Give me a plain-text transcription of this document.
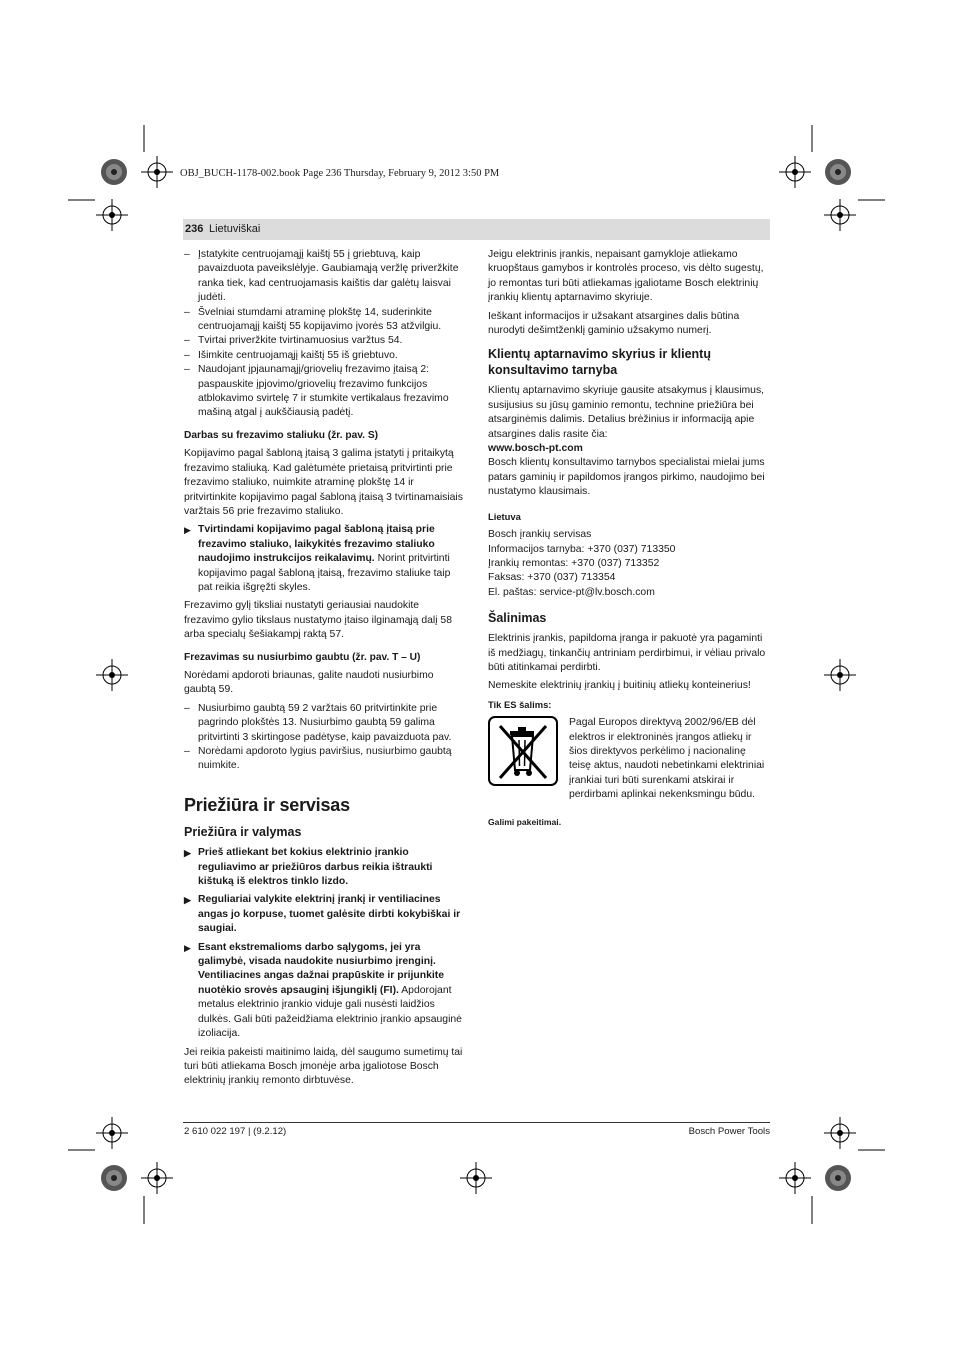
OBJ_BUCH-1178-002.book Page 236 Thursday, February 9, 2012 3:50 PM
236 Lietuviškai
– Įstatykite centruojamąjį kaištį 55 į griebtuvą, kaip pavaizduota paveikslėlyje. Gaubiamąją veržlę priveržkite ranka tiek, kad centruojamasis kaištis dar galėtų laisvai judėti.
– Švelniai stumdami atraminę plokštę 14, suderinkite centruojamąjį kaištį 55 kopijavimo įvorės 53 atžvilgiu.
– Tvirtai priveržkite tvirtinamuosius varžtus 54.
– Išimkite centruojamąjį kaištį 55 iš griebtuvo.
– Naudojant įpjaunamąjį/griovelių frezavimo įtaisą 2: paspauskite įpjovimo/griovelių frezavimo funkcijos atblokavimo svirtelę 7 ir stumkite vertikalaus frezavimo mašiną atgal į aukščiausią padėtį.
Darbas su frezavimo staliuku (žr. pav. S)

Kopijavimo pagal šabloną įtaisą 3 galima įstatyti į pritaikytą frezavimo staliuką. Kad galėtumėte prietaisą pritvirtinti prie frezavimo staliuko, nuimkite atraminę plokštę 14 ir pritvirtinkite kopijavimo pagal šabloną įtaisą 3 tvirtinamaisiais varžtais 56 prie frezavimo staliuko.

▶ Tvirtindami kopijavimo pagal šabloną įtaisą prie frezavimo staliuko, laikykitės frezavimo staliuko naudojimo instrukcijos reikalavimų. Norint pritvirtinti kopijavimo pagal šabloną įtaisą, frezavimo staliuke taip pat reikia išgręžti skyles.

Frezavimo gylį tiksliai nustatyti geriausiai naudokite frezavimo gylio tikslaus nustatymo įtaiso ilginamąją dalį 58 arba specialų šešiakampį raktą 57.

Frezavimas su nusiurbimo gaubtu (žr. pav. T – U)

Norėdami apdoroti briaunas, galite naudoti nusiurbimo gaubtą 59.

– Nusiurbimo gaubtą 59 2 varžtais 60 pritvirtinkite prie pagrindo plokštės 13. Nusiurbimo gaubtą 59 galima pritvirtinti 3 skirtingose padėtyse, kaip pavaizduota pav.
– Norėdami apdoroto lygius paviršius, nusiurbimo gaubtą nuimkite.
Priežiūra ir servisas
Priežiūra ir valymas
▶ Prieš atliekant bet kokius elektrinio įrankio reguliavimo ar priežiūros darbus reikia ištraukti kištuką iš elektros tinklo lizdo.
▶ Reguliariai valykite elektrinį įrankį ir ventiliacines angas jo korpuse, tuomet galėsite dirbti kokybiškai ir saugiai.
▶ Esant ekstremalioms darbo sąlygoms, jei yra galimybė, visada naudokite nusiurbimo įrenginį. Ventiliacines angas dažnai prapūskite ir prijunkite nuotėkio srovės apsauginį išjungiklį (FI). Apdorojant metalus elektrinio įrankio viduje gali nusėsti laidžios dulkės. Gali būti pažeidžiama elektrinio įrankio apsauginė izoliacija.

Jei reikia pakeisti maitinimo laidą, dėl saugumo sumetimų tai turi būti atliekama Bosch įmonėje arba įgaliotose Bosch elektrinių įrankių remonto dirbtuvėse.

Jeigu elektrinis įrankis, nepaisant gamykloje atliekamo kruopštaus gamybos ir kontrolės proceso, vis dėlto sugestų, jo remontas turi būti atliekamas įgaliotame Bosch elektrinių įrankių klientų aptarnavimo skyriuje.

Ieškant informacijos ir užsakant atsargines dalis būtina nurodyti dešimtženklį gaminio užsakymo numerį.

Klientų aptarnavimo skyrius ir klientų konsultavimo tarnyba

Klientų aptarnavimo skyriuje gausite atsakymus į klausimus, susijusius su jūsų gaminio remontu, technine priežiūra bei atsarginėmis dalimis. Detalius brėžinius ir informaciją apie atsargines dalis rasite čia:

www.bosch-pt.com

Bosch klientų konsultavimo tarnybos specialistai mielai jums patars gaminių ir papildomos įrangos pirkimo, naudojimo bei nustatymo klausimais.

Lietuva
Bosch įrankių servisas
Informacijos tarnyba: +370 (037) 713350
Įrankių remontas: +370 (037) 713352
Faksas: +370 (037) 713354
El. paštas: service-pt@lv.bosch.com
Šalinimas

Elektrinis įrankis, papildoma įranga ir pakuotė yra pagaminti iš medžiagų, tinkančių antriniam perdirbimui, ir vėliau privalo būti atitinkamai perdirbti.

Nemeskite elektrinių įrankių į buitinių atliekų konteinerius!

Tik ES šalims:
Pagal Europos direktyvą 2002/96/EB dėl elektros ir elektroninės įrangos atliekų ir šios direktyvos perkėlimo į nacionalinę teisę aktus, naudoti nebetinkami elektriniai įrankiai turi būti surenkami atskirai ir perdirbami aplinkai nekenksmingu būdu.
Galimi pakeitimai.
2 610 022 197 | (9.2.12)	Bosch Power Tools
